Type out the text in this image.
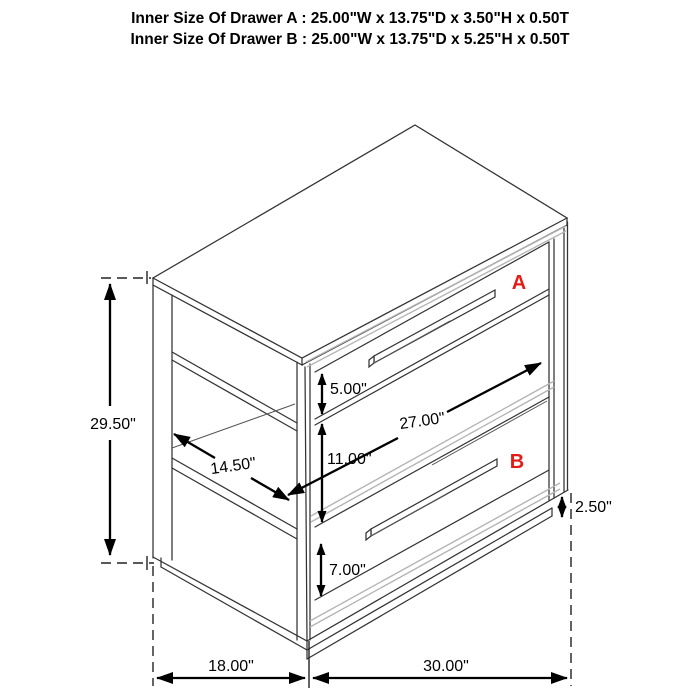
Inner Size Of Drawer A : 25.00"W x 13.75"D x 3.50"H x 0.50T
Inner Size Of Drawer B : 25.00"W x 13.75"D x 5.25"H x 0.50T
29.50"
5.00"
11.00"
7.00"
2.50"
14.50"
27.00"
18.00"	30.00"
A
B
